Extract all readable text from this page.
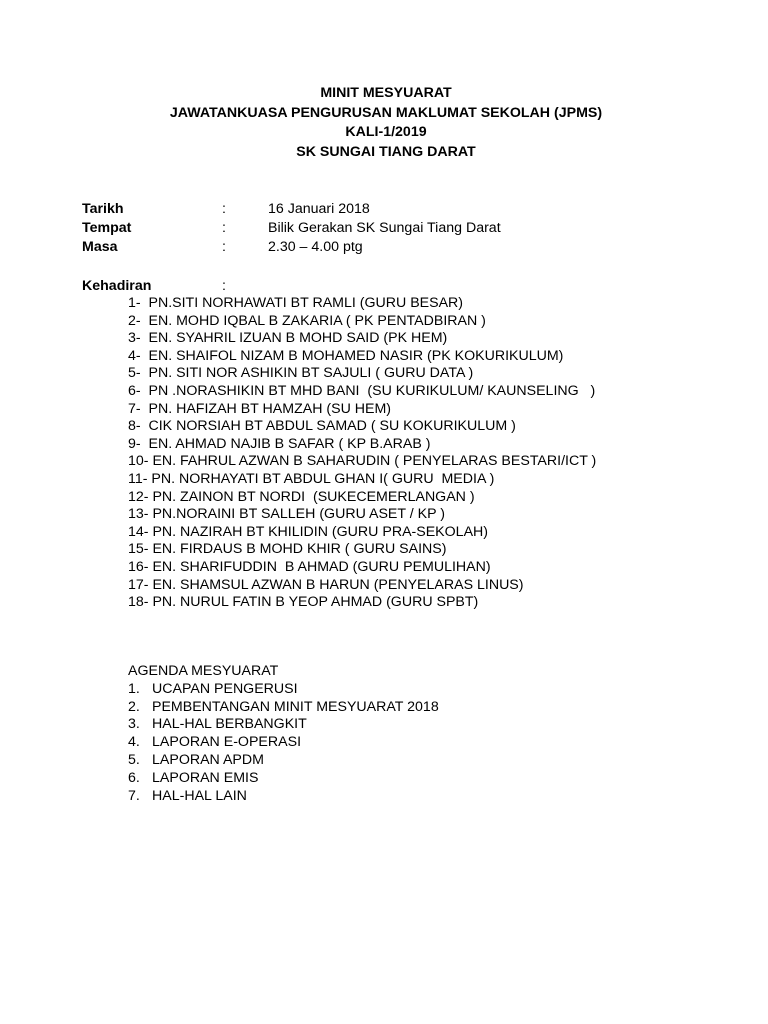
MINIT MESYUARAT
JAWATANKUASA PENGURUSAN MAKLUMAT SEKOLAH (JPMS)
KALI-1/2019
SK SUNGAI TIANG DARAT
Tarikh	:	16 Januari 2018
Tempat	:	Bilik Gerakan SK Sungai Tiang Darat
Masa	:	2.30 – 4.00 ptg
Kehadiran	:
1-  PN.SITI NORHAWATI BT RAMLI (GURU BESAR)
2-  EN. MOHD IQBAL B ZAKARIA ( PK PENTADBIRAN )
3-  EN. SYAHRIL IZUAN B MOHD SAID (PK HEM)
4-  EN. SHAIFOL NIZAM B MOHAMED NASIR (PK KOKURIKULUM)
5-  PN. SITI NOR ASHIKIN BT SAJULI ( GURU DATA )
6-  PN .NORASHIKIN BT MHD BANI  (SU KURIKULUM/ KAUNSELING   )
7-  PN. HAFIZAH BT HAMZAH (SU HEM)
8-  CIK NORSIAH BT ABDUL SAMAD ( SU KOKURIKULUM )
9-  EN. AHMAD NAJIB B SAFAR ( KP B.ARAB )
10- EN. FAHRUL AZWAN B SAHARUDIN ( PENYELARAS BESTARI/ICT )
11- PN. NORHAYATI BT ABDUL GHAN I( GURU  MEDIA )
12- PN. ZAINON BT NORDI  (SUKECEMERLANGAN )
13- PN.NORAINI BT SALLEH (GURU ASET / KP )
14- PN. NAZIRAH BT KHILIDIN (GURU PRA-SEKOLAH)
15- EN. FIRDAUS B MOHD KHIR ( GURU SAINS)
16- EN. SHARIFUDDIN  B AHMAD (GURU PEMULIHAN)
17- EN. SHAMSUL AZWAN B HARUN (PENYELARAS LINUS)
18- PN. NURUL FATIN B YEOP AHMAD (GURU SPBT)
AGENDA MESYUARAT
1. UCAPAN PENGERUSI
2. PEMBENTANGAN MINIT MESYUARAT 2018
3. HAL-HAL BERBANGKIT
4. LAPORAN E-OPERASI
5. LAPORAN APDM
6. LAPORAN EMIS
7. HAL-HAL LAIN
